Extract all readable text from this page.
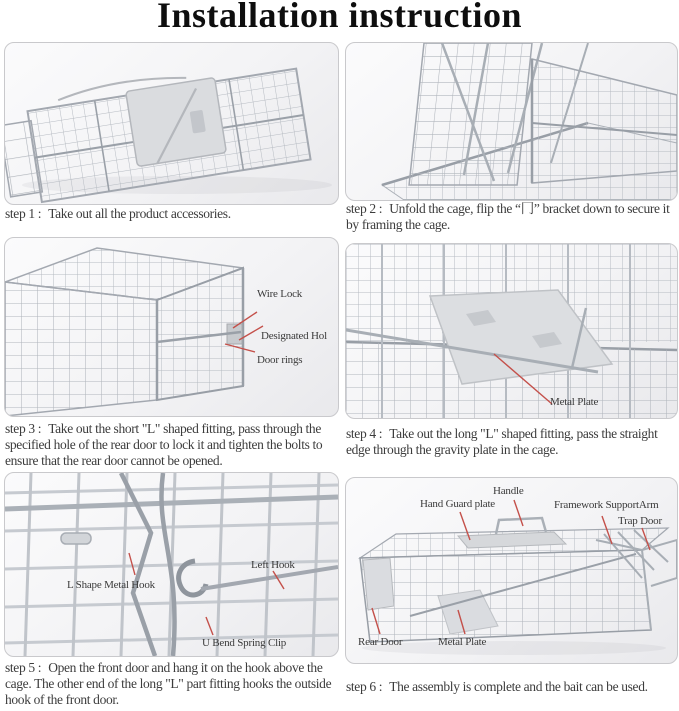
Installation instruction
Wire Lock
Designated Hol
Door rings
Metal Plate
L Shape Metal Hook
Left Hook
U Bend Spring Clip
Hand Guard plate
Handle
Framework SupportArm
Trap Door
Rear Door	Metal Plate

step 1 : Take out all the product accessories.	step 2 : Unfold the cage, flip the “冂” bracket down to secure it by framing the cage.

step 3 : Take out the short "L" shaped fitting, pass through the specified hole of the rear door to lock it and tighten the bolts to ensure that the rear door cannot be opened.

step 4 : Take out the long "L" shaped fitting, pass the straight edge through the gravity plate in the cage.

step 5 : Open the front door and hang it on the hook above the cage. The other end of the long "L" part fitting hooks the outside hook of the front door.

step 6 : The assembly is complete and the bait can be used.
